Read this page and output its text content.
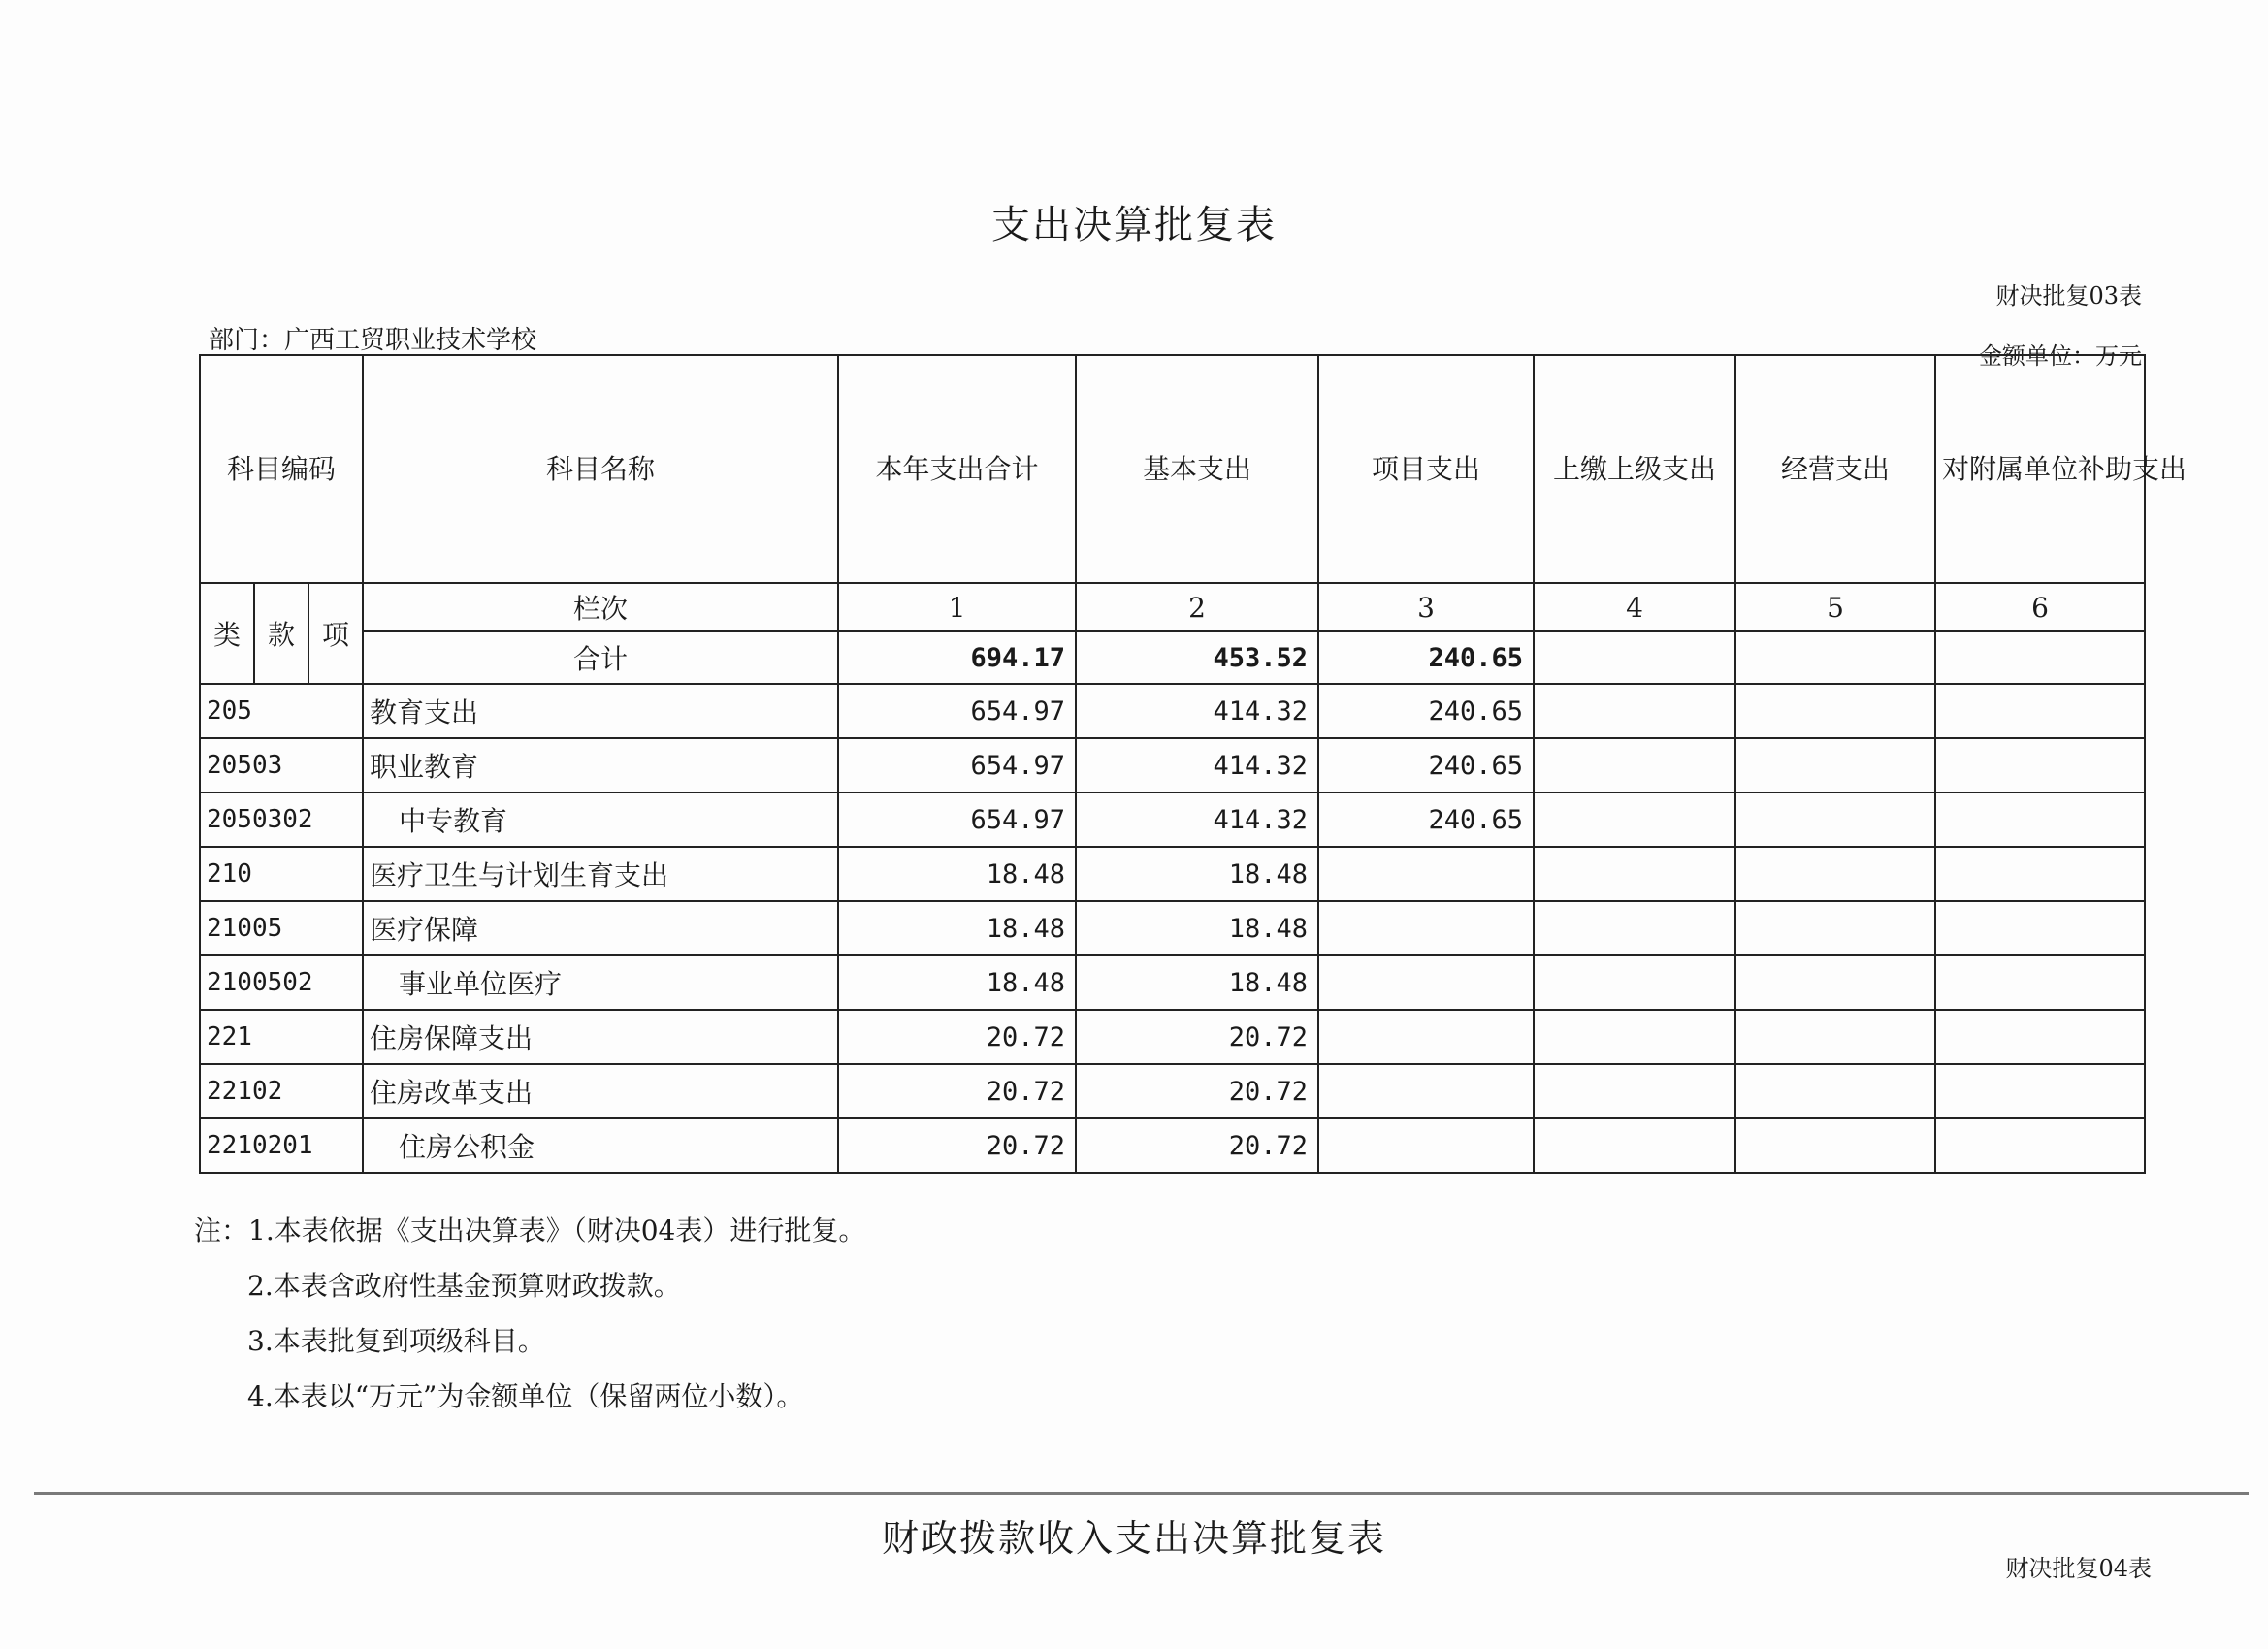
支出决算批复表
财决批复03表
部门：广西工贸职业技术学校
金额单位：万元
科目编码			科目名称	本年支出合计	基本支出	项目支出	上缴上级支出	经营支出	对附属单位补助支出
类	款	项	栏次	1	2	3	4	5	6
			合计	694.17	453.52	240.65			
205			教育支出	654.97	414.32	240.65			
20503			职业教育	654.97	414.32	240.65			
2050302			中专教育	654.97	414.32	240.65			
210			医疗卫生与计划生育支出	18.48	18.48				
21005			医疗保障	18.48	18.48				
2100502			事业单位医疗	18.48	18.48				
221			住房保障支出	20.72	20.72				
22102			住房改革支出	20.72	20.72				
2210201			住房公积金	20.72	20.72				
注：1.本表依据《支出决算表》（财决04表）进行批复。
2.本表含政府性基金预算财政拨款。
3.本表批复到项级科目。
4.本表以“万元”为金额单位（保留两位小数）。
财政拨款收入支出决算批复表
财决批复04表
